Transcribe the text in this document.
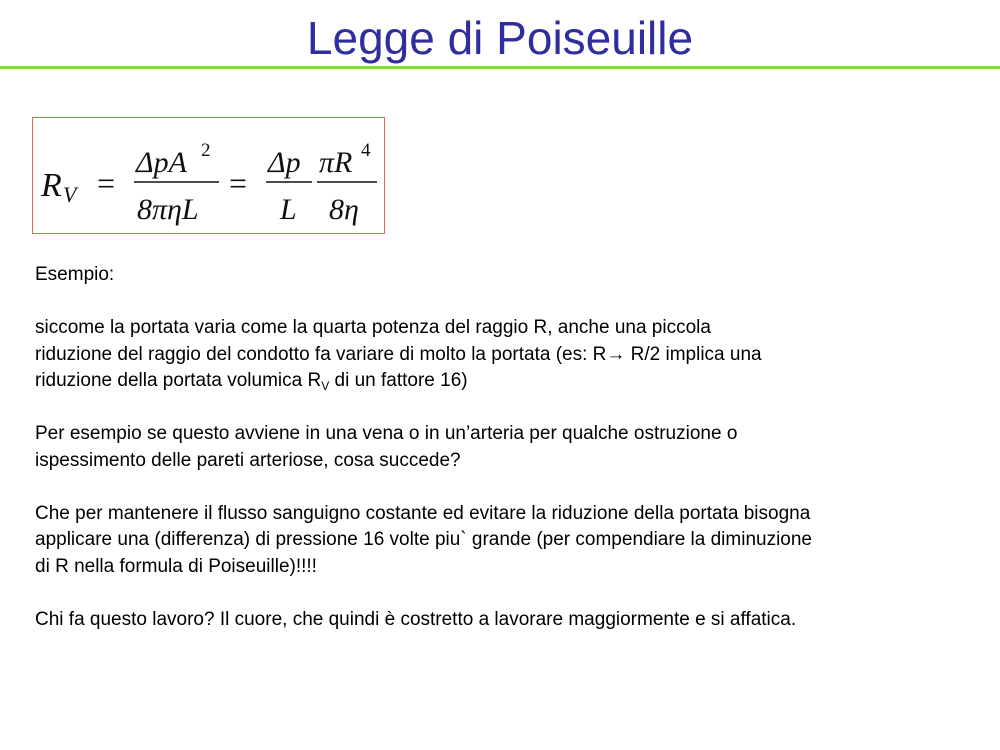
Legge di Poiseuille
R V =
ΔpA 2
8πηL
=
Δp
L
πR 4
8η

Esempio:

siccome la portata varia come la quarta potenza del raggio R, anche una piccola

riduzione del raggio del condotto fa variare di molto la portata (es: R→ R/2 implica una

riduzione della portata volumica $R_V$ di un fattore 16)

Per esempio se questo avviene in una vena o in un’arteria per qualche ostruzione o

ispessimento delle pareti arteriose, cosa succede?

Che per mantenere il flusso sanguigno costante ed evitare la riduzione della portata bisogna

applicare una (differenza) di pressione 16 volte piu` grande (per compendiare la diminuzione

di R nella formula di Poiseuille)!!!!

Chi fa questo lavoro? Il cuore, che quindi è costretto a lavorare maggiormente e si affatica.
